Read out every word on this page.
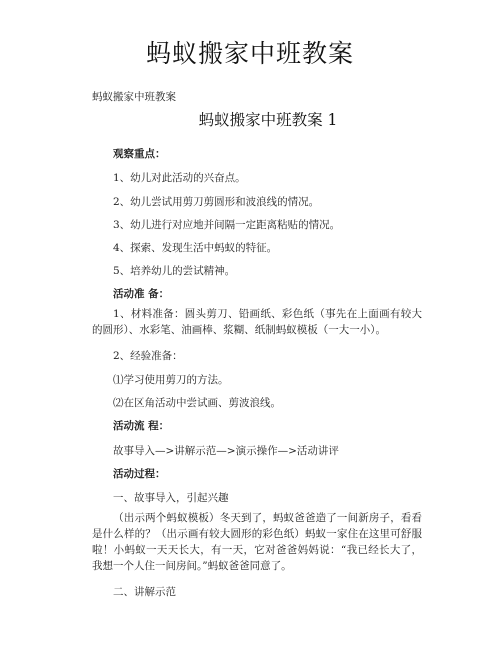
蚂蚁搬家中班教案
蚂蚁搬家中班教案
蚂蚁搬家中班教案 1
观察重点：
1、幼儿对此活动的兴奋点。
2、幼儿尝试用剪刀剪圆形和波浪线的情况。
3、幼儿进行对应地并间隔一定距离粘贴的情况。
4、探索、发现生活中蚂蚁的特征。
5、培养幼儿的尝试精神。
活动准 备：
1、材料准备：圆头剪刀、铅画纸、彩色纸（事先在上面画有较大的圆形）、水彩笔、油画棒、浆糊、纸制蚂蚁模板（一大一小）。
2、经验准备：
⑴学习使用剪刀的方法。
⑵在区角活动中尝试画、剪波浪线。
活动流 程：
故事导入—>讲解示范—>演示操作—>活动讲评
活动过程：
一、故事导入，引起兴趣
（出示两个蚂蚁模板）冬天到了，蚂蚁爸爸造了一间新房子，看看是什么样的？（出示画有较大圆形的彩色纸）蚂蚁一家住在这里可舒服啦！小蚂蚁一天天长大，有一天，它对爸爸妈妈说：“我已经长大了，我想一个人住一间房间。”蚂蚁爸爸同意了。
二、讲解示范
